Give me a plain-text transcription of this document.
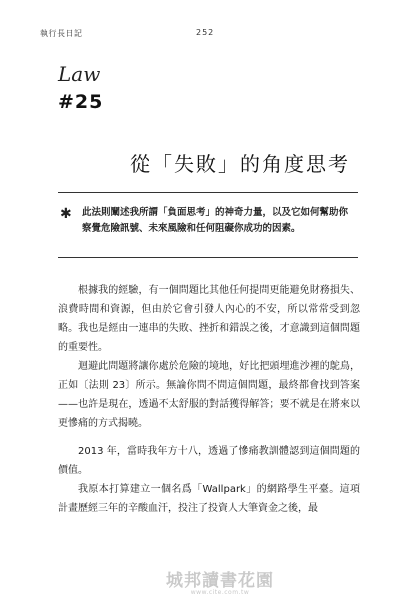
執行長日記	252
Law
#25
從「失敗」的角度思考
✱ 此法則闡述我所謂「負面思考」的神奇力量，以及它如何幫助你

察覺危險訊號、未來風險和任何阻礙你成功的因素。

根據我的經驗，有一個問題比其他任何提問更能避免財務損失、浪費時間和資源，但由於它會引發人內心的不安，所以常常受到忽略。我也是經由一連串的失敗、挫折和錯誤之後，才意識到這個問題的重要性。

迴避此問題將讓你處於危險的境地，好比把頭埋進沙裡的鴕鳥，正如〔法則 23〕所示。無論你問不問這個問題，最終都會找到答案——也許是現在，透過不太舒服的對話獲得解答；要不就是在將來以更慘痛的方式揭曉。

2013 年，當時我年方十八，透過了慘痛教訓體認到這個問題的價值。

我原本打算建立一個名爲「Wallpark」的網路學生平臺。這項計畫歷經三年的辛酸血汗，投注了投資人大筆資金之後，最

城邦讀書花園
www.cite.com.tw
